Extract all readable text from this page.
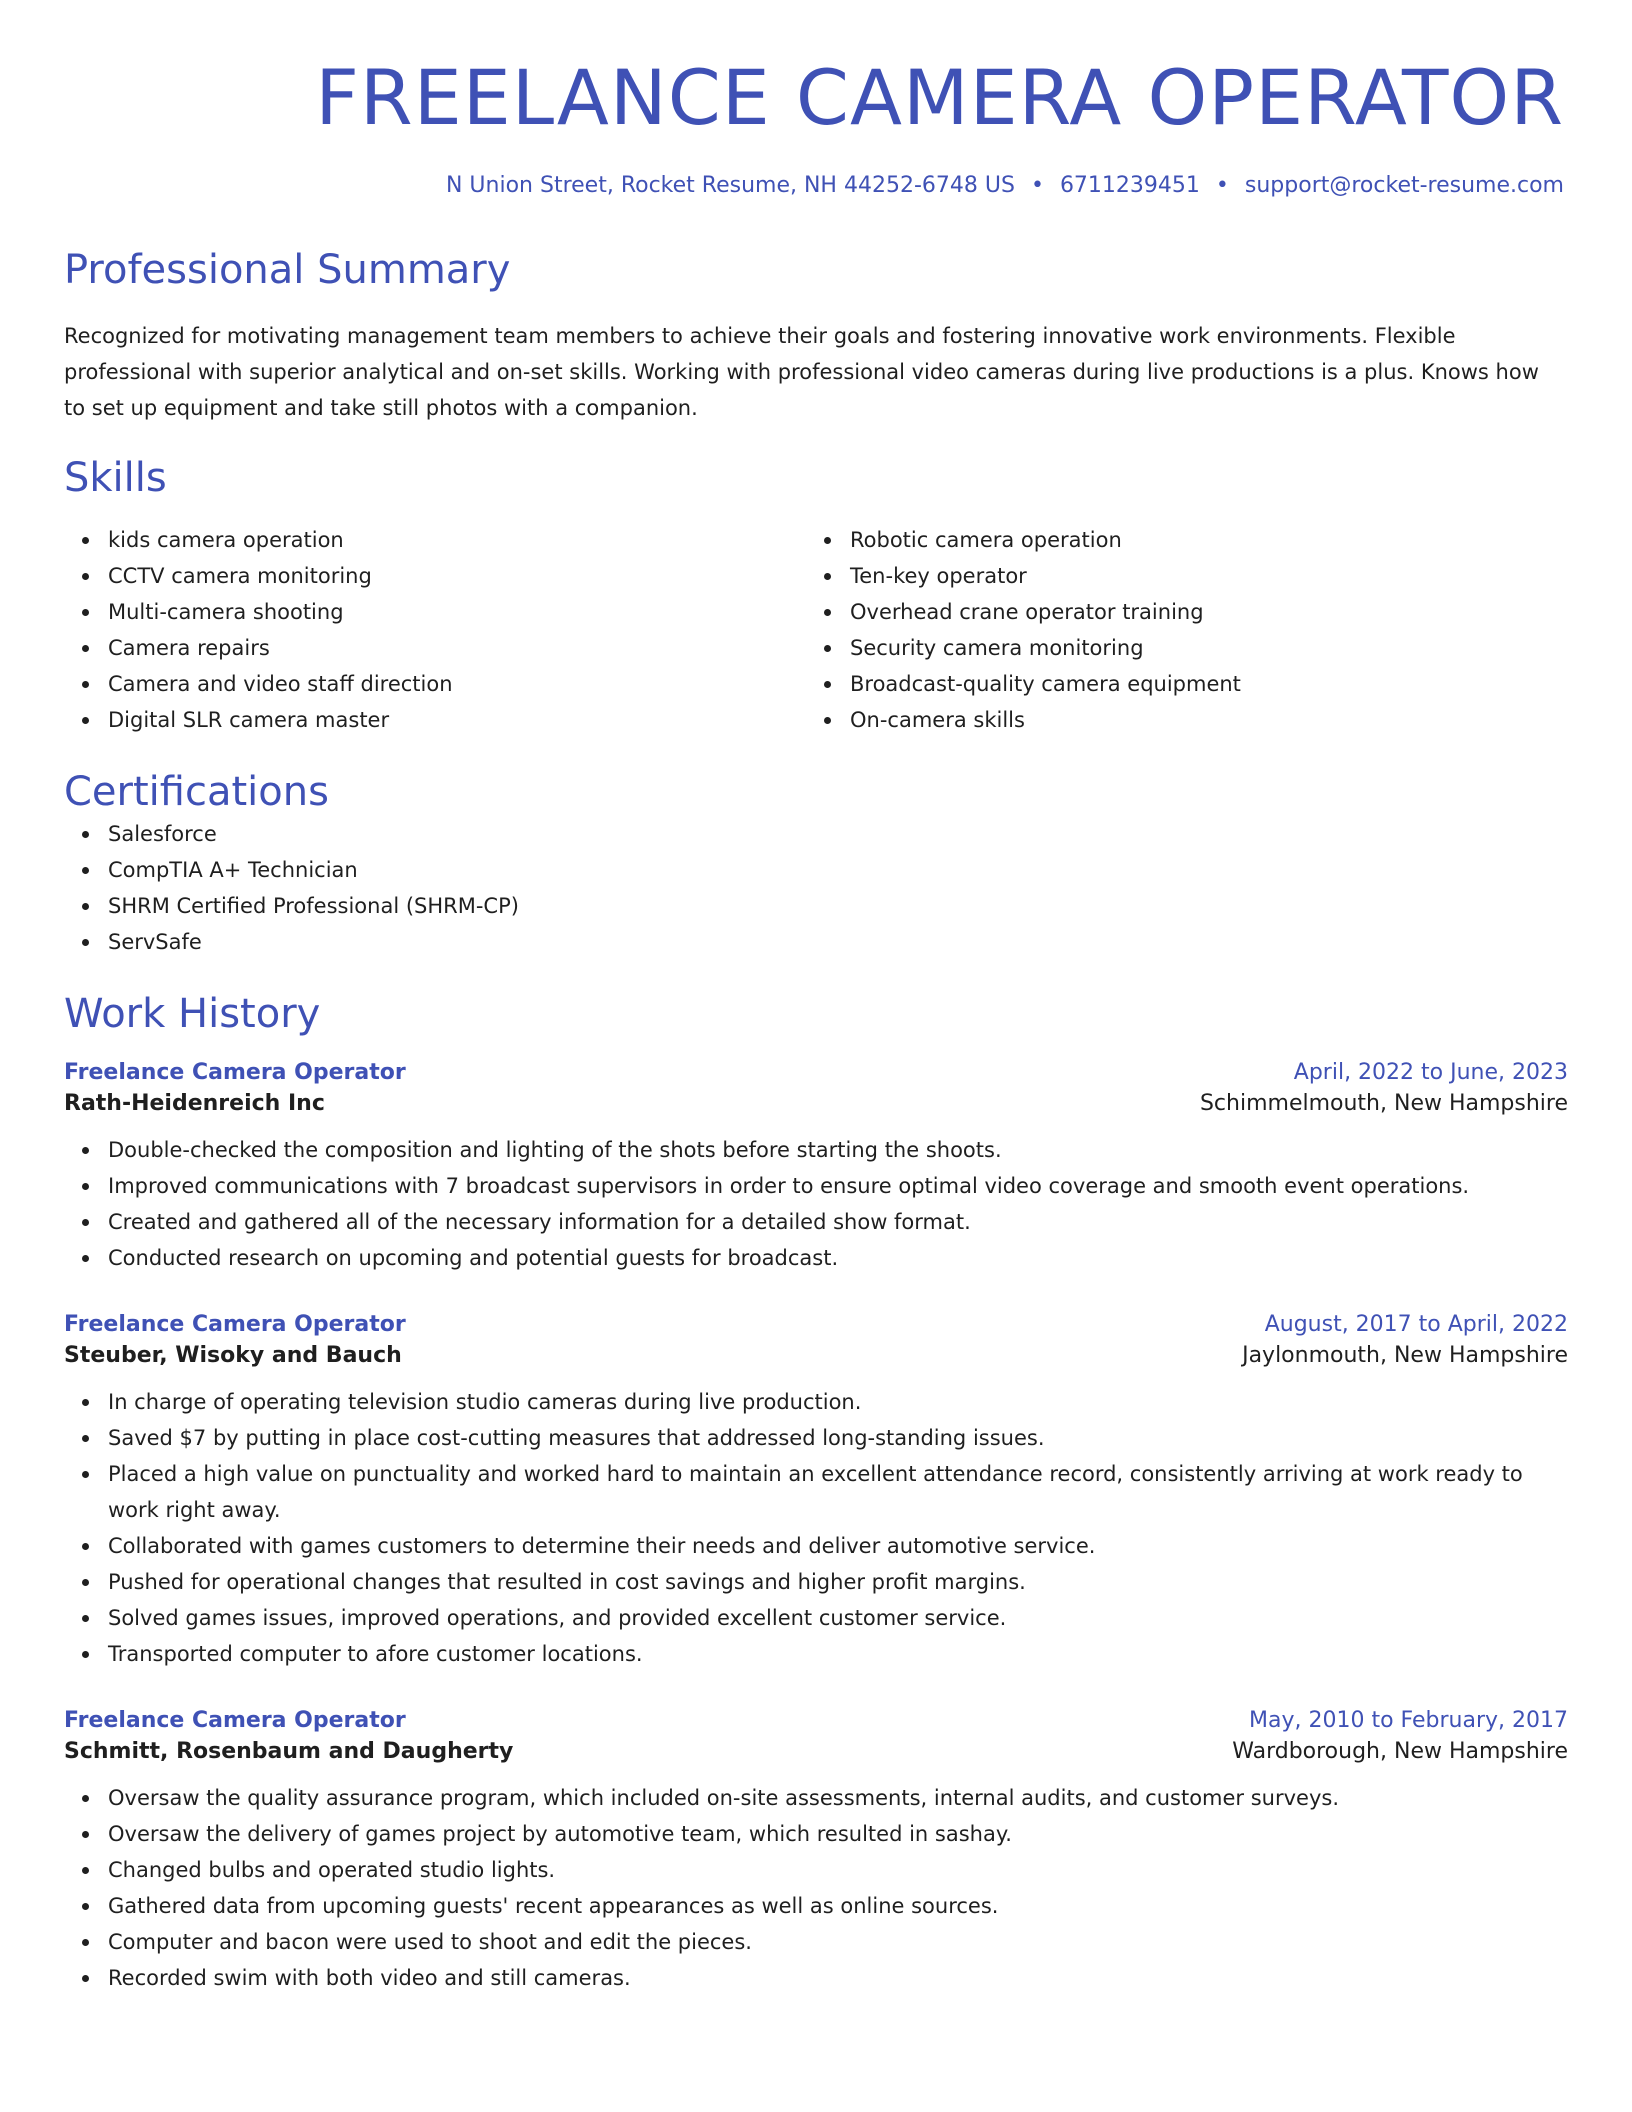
FREELANCE CAMERA OPERATOR
N Union Street, Rocket Resume, NH 44252-6748 US • 6711239451 • support@rocket-resume.com
Professional Summary
Recognized for motivating management team members to achieve their goals and fostering innovative work environments. Flexible professional with superior analytical and on-set skills. Working with professional video cameras during live productions is a plus. Knows how to set up equipment and take still photos with a companion.
Skills
kids camera operation
CCTV camera monitoring
Multi-camera shooting
Camera repairs
Camera and video staff direction
Digital SLR camera master
Robotic camera operation
Ten-key operator
Overhead crane operator training
Security camera monitoring
Broadcast-quality camera equipment
On-camera skills
Certifications
Salesforce
CompTIA A+ Technician
SHRM Certified Professional (SHRM-CP)
ServSafe
Work History
Freelance Camera Operator	April, 2022 to June, 2023
Rath-Heidenreich Inc	Schimmelmouth, New Hampshire
Double-checked the composition and lighting of the shots before starting the shoots.
Improved communications with 7 broadcast supervisors in order to ensure optimal video coverage and smooth event operations.
Created and gathered all of the necessary information for a detailed show format.
Conducted research on upcoming and potential guests for broadcast.
Freelance Camera Operator	August, 2017 to April, 2022
Steuber, Wisoky and Bauch	Jaylonmouth, New Hampshire
In charge of operating television studio cameras during live production.
Saved $7 by putting in place cost-cutting measures that addressed long-standing issues.
Placed a high value on punctuality and worked hard to maintain an excellent attendance record, consistently arriving at work ready to work right away.
Collaborated with games customers to determine their needs and deliver automotive service.
Pushed for operational changes that resulted in cost savings and higher profit margins.
Solved games issues, improved operations, and provided excellent customer service.
Transported computer to afore customer locations.
Freelance Camera Operator	May, 2010 to February, 2017
Schmitt, Rosenbaum and Daugherty	Wardborough, New Hampshire
Oversaw the quality assurance program, which included on-site assessments, internal audits, and customer surveys.
Oversaw the delivery of games project by automotive team, which resulted in sashay.
Changed bulbs and operated studio lights.
Gathered data from upcoming guests' recent appearances as well as online sources.
Computer and bacon were used to shoot and edit the pieces.
Recorded swim with both video and still cameras.
